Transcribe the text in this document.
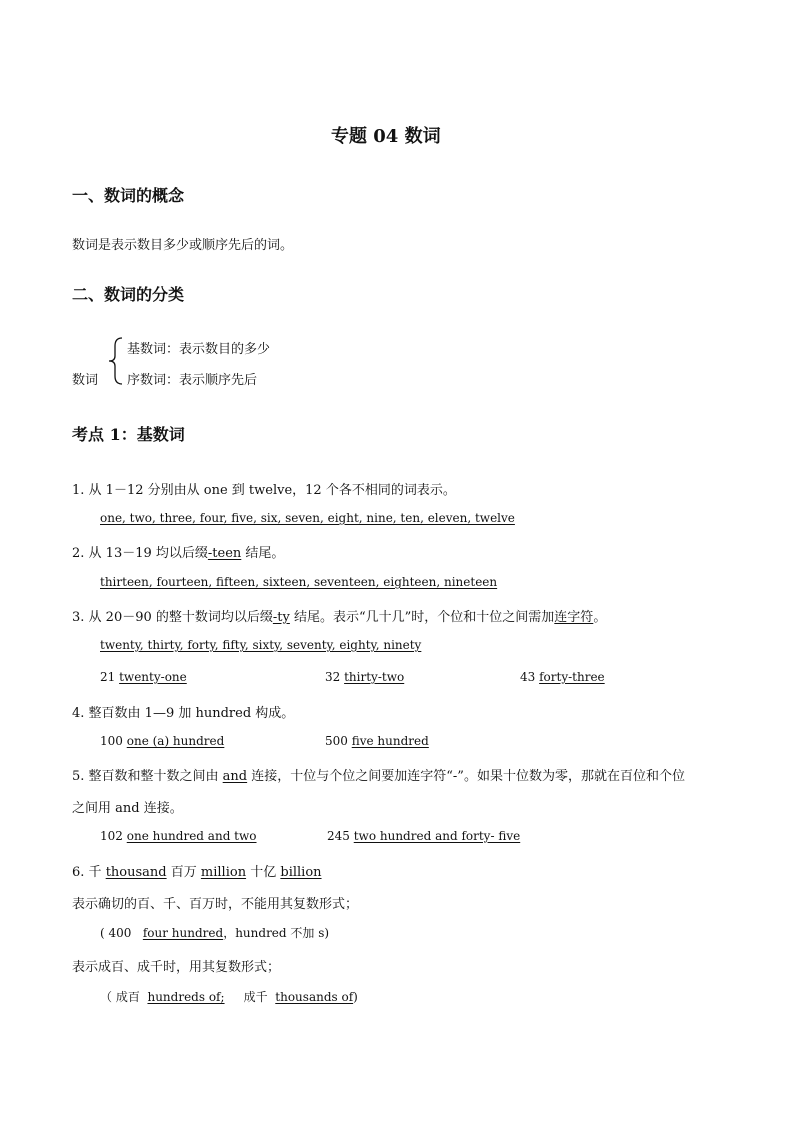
专题 04 数词
一、数词的概念
数词是表示数目多少或顺序先后的词。
二、数词的分类
数词
基数词：表示数目的多少
序数词：表示顺序先后
考点 1：基数词
1. 从 1－12 分别由从 one 到 twelve，12 个各不相同的词表示。
one, two, three, four, five, six, seven, eight, nine, ten, eleven, twelve
2. 从 13－19 均以后缀-teen 结尾。
thirteen, fourteen, fifteen, sixteen, seventeen, eighteen, nineteen
3. 从 20－90 的整十数词均以后缀-ty 结尾。表示“几十几”时，个位和十位之间需加连字符。
twenty, thirty, forty, fifty, sixty, seventy, eighty, ninety
21 twenty-one	32 thirty-two	43 forty-three
4. 整百数由 1—9 加 hundred 构成。
100 one (a) hundred	500 five hundred
5. 整百数和整十数之间由 and 连接，十位与个位之间要加连字符“-”。如果十位数为零，那就在百位和个位
之间用 and 连接。
102 one hundred and two	245 two hundred and forty- five
6. 千 thousand 百万 million 十亿 billion
表示确切的百、千、百万时，不能用其复数形式；
( 400 four hundred，hundred 不加 s)
表示成百、成千时，用其复数形式；
（ 成百 hundreds of; 成千 thousands of)
